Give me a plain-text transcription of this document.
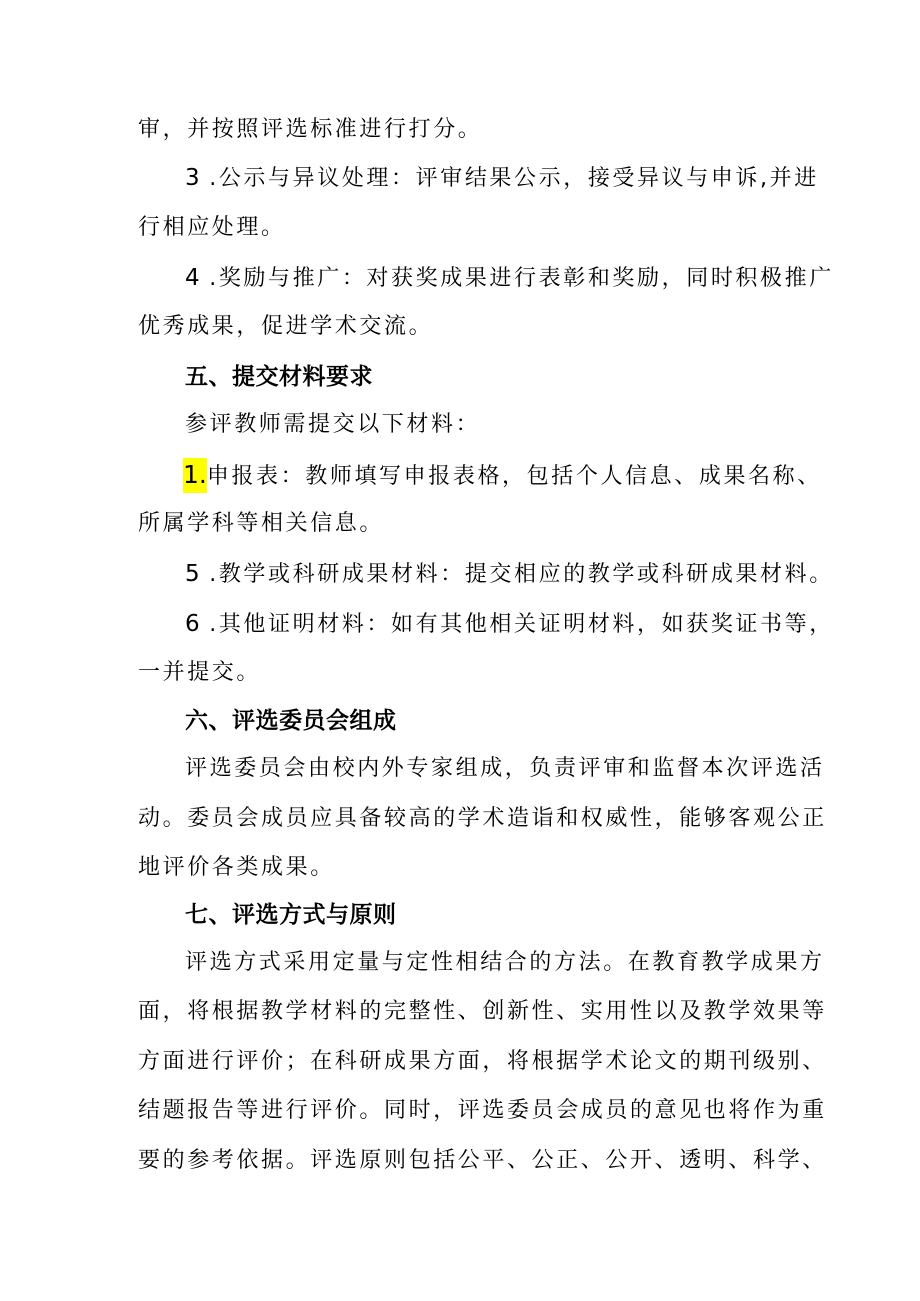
审，并按照评选标准进行打分。
3 .公示与异议处理：评审结果公示，接受异议与申诉,并进
行相应处理。
4 .奖励与推广：对获奖成果进行表彰和奖励，同时积极推广
优秀成果，促进学术交流。
五、提交材料要求
参评教师需提交以下材料：
1.申报表：教师填写申报表格，包括个人信息、成果名称、
所属学科等相关信息。
5 .教学或科研成果材料：提交相应的教学或科研成果材料。
6 .其他证明材料：如有其他相关证明材料，如获奖证书等，
一并提交。
六、评选委员会组成
评选委员会由校内外专家组成，负责评审和监督本次评选活
动。委员会成员应具备较高的学术造诣和权威性，能够客观公正
地评价各类成果。
七、评选方式与原则
评选方式采用定量与定性相结合的方法。在教育教学成果方
面，将根据教学材料的完整性、创新性、实用性以及教学效果等
方面进行评价；在科研成果方面，将根据学术论文的期刊级别、
结题报告等进行评价。同时，评选委员会成员的意见也将作为重
要的参考依据。评选原则包括公平、公正、公开、透明、科学、
